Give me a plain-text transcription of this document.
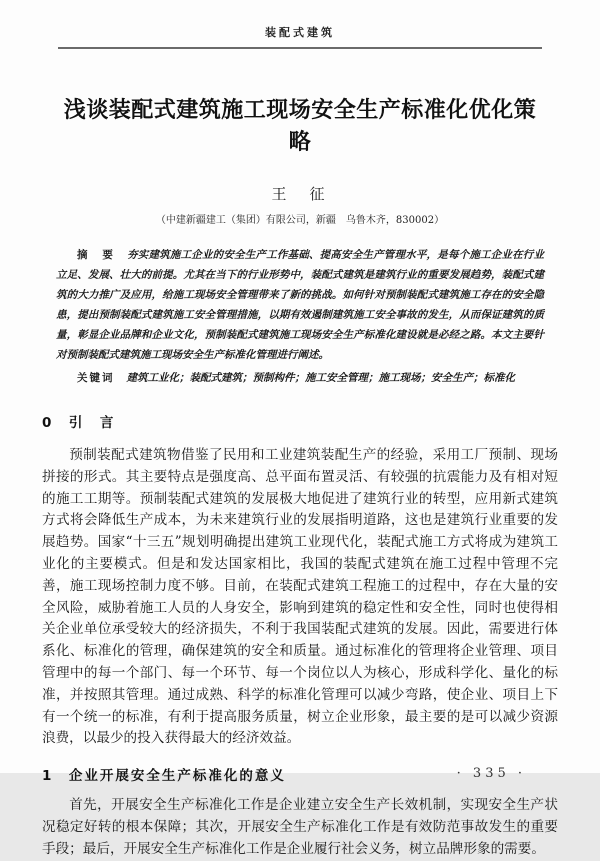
装配式建筑
浅谈装配式建筑施工现场安全生产标准化优化策略
王　征
（中建新疆建工（集团）有限公司，新疆　乌鲁木齐，830002）

摘　要 夯实建筑施工企业的安全生产工作基础、提高安全生产管理水平，是每个施工企业在行业立足、发展、壮大的前提。尤其在当下的行业形势中，装配式建筑是建筑行业的重要发展趋势，装配式建筑的大力推广及应用，给施工现场安全管理带来了新的挑战。如何针对预制装配式建筑施工存在的安全隐患，提出预制装配式建筑施工安全管理措施，以期有效遏制建筑施工安全事故的发生，从而保证建筑的质量，彰显企业品牌和企业文化，预制装配式建筑施工现场安全生产标准化建设就是必经之路。本文主要针对预制装配式建筑施工现场安全生产标准化管理进行阐述。

关键词 建筑工业化；装配式建筑；预制构件；施工安全管理；施工现场；安全生产；标准化

0　引　言

预制装配式建筑物借鉴了民用和工业建筑装配生产的经验，采用工厂预制、现场拼接的形式。其主要特点是强度高、总平面布置灵活、有较强的抗震能力及有相对短的施工工期等。预制装配式建筑的发展极大地促进了建筑行业的转型，应用新式建筑方式将会降低生产成本，为未来建筑行业的发展指明道路，这也是建筑行业重要的发展趋势。国家“十三五”规划明确提出建筑工业现代化，装配式施工方式将成为建筑工业化的主要模式。但是和发达国家相比，我国的装配式建筑在施工过程中管理不完善，施工现场控制力度不够。目前，在装配式建筑工程施工的过程中，存在大量的安全风险，威胁着施工人员的人身安全，影响到建筑的稳定性和安全性，同时也使得相关企业单位承受较大的经济损失，不利于我国装配式建筑的发展。因此，需要进行体系化、标准化的管理，确保建筑的安全和质量。通过标准化的管理将企业管理、项目管理中的每一个部门、每一个环节、每一个岗位以人为核心，形成科学化、量化的标准，并按照其管理。通过成熟、科学的标准化管理可以减少弯路，使企业、项目上下有一个统一的标准，有利于提高服务质量，树立企业形象，最主要的是可以减少资源浪费，以最少的投入获得最大的经济效益。

1　企业开展安全生产标准化的意义

首先，开展安全生产标准化工作是企业建立安全生产长效机制，实现安全生产状况稳定好转的根本保障；其次，开展安全生产标准化工作是有效防范事故发生的重要手段；最后，开展安全生产标准化工作是企业履行社会义务，树立品牌形象的需要。

· 335 ·
